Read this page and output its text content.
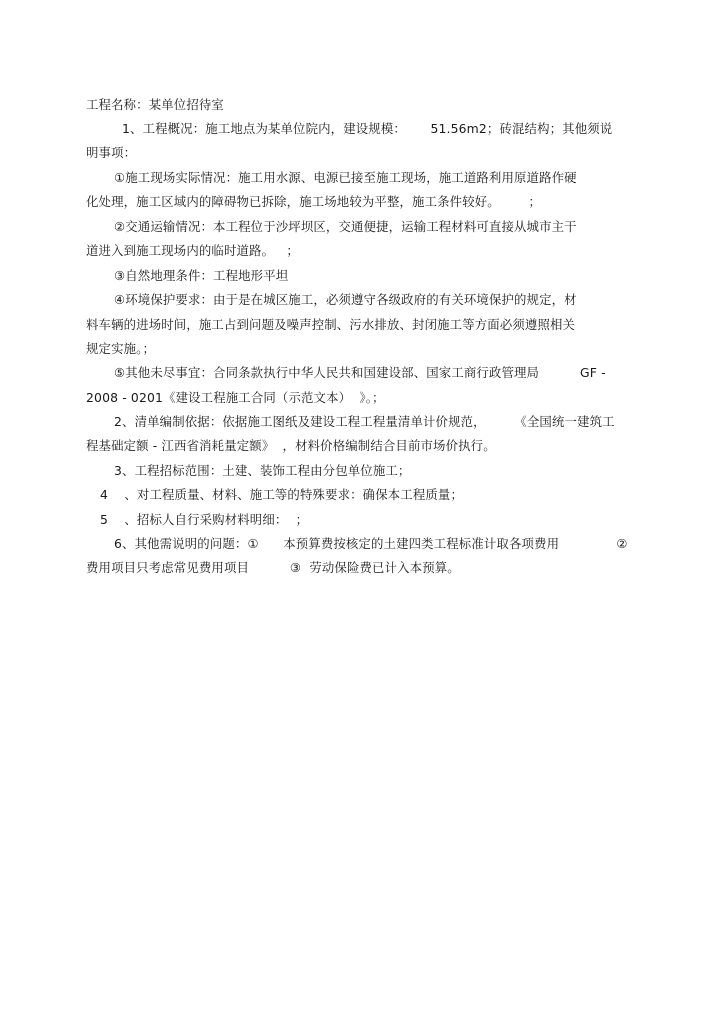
工程名称：某单位招待室
1、工程概况：施工地点为某单位院内，建设规模：      51.56m2；砖混结构；其他须说
明事项：
①施工现场实际情况：施工用水源、电源已接至施工现场，施工道路利用原道路作硬
化处理，施工区域内的障碍物已拆除，施工场地较为平整，施工条件较好。       ；
②交通运输情况：本工程位于沙坪坝区，交通便捷，运输工程材料可直接从城市主干
道进入到施工现场内的临时道路。   ；
③自然地理条件：工程地形平坦
④环境保护要求：由于是在城区施工，必须遵守各级政府的有关环境保护的规定，材
料车辆的进场时间，施工占到问题及噪声控制、污水排放、封闭施工等方面必须遵照相关
规定实施。；
⑤其他未尽事宜：合同条款执行中华人民共和国建设部、国家工商行政管理局          GF -
2008 - 0201《建设工程施工合同（示范文本）  》。；
2、清单编制依据：依据施工图纸及建设工程工程量清单计价规范，       《全国统一建筑工
程基础定额 - 江西省消耗量定额》  ，材料价格编制结合目前市场价执行。
3、工程招标范围：土建、装饰工程由分包单位施工；
4    、对工程质量、材料、施工等的特殊要求：确保本工程质量；
5    、招标人自行采购材料明细：  ；
6、其他需说明的问题：①      本预算费按核定的土建四类工程标准计取各项费用              ②
费用项目只考虑常见费用项目          ③  劳动保险费已计入本预算。
